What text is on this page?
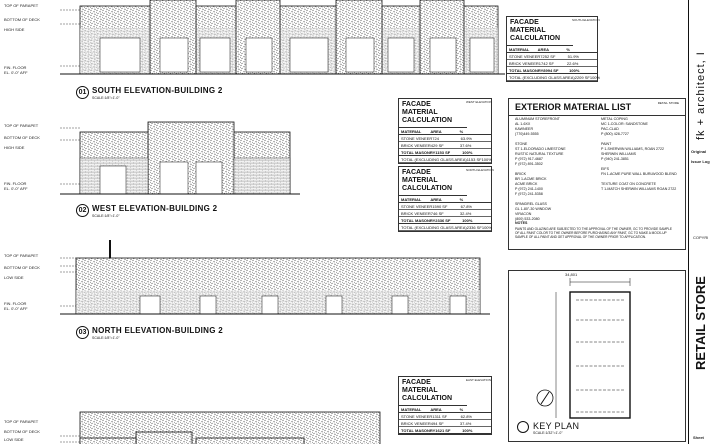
01 SOUTH ELEVATION-BUILDING 2
SCALE:1/8"=1'-0"
02 WEST ELEVATION-BUILDING 2
SCALE:1/8"=1'-0"
03 NORTH ELEVATION-BUILDING 2
SCALE:1/8"=1'-0"
TOP OF PARAPET
BOTTOM OF DECK
HIGH SIDE
FIN. FLOOR
EL. 0'-0" AFF
TOP OF PARAPET
BOTTOM OF DECK
HIGH SIDE
FIN. FLOOR
EL. 0'-0" AFF
TOP OF PARAPET
BOTTOM OF DECK
LOW SIDE
FIN. FLOOR
EL. 0'-0" AFF
TOP OF PARAPET
BOTTOM OF DECK
LOW SIDE
FACADE MATERIAL CALCULATION
MATERIAL	AREA	%
STONE VENEER 7252 SF	51.9%
BRICK VENEER 1742 SF	22.6%
TOTAL MASONRY 8994 SF	100%
TOTAL (EXCLUDING GLASS AREA) 2209 SF 100%
SOUTH ELEVATION
FACADE MATERIAL CALCULATION
MATERIAL	AREA	%
STONE VENEER 724	63.9%
BRICK VENEER 429 SF	37.6%
TOTAL MASONRY 1153 SF	100%
TOTAL (EXCLUDING GLASS AREA) 1153 SF 100%
WEST ELEVATION
FACADE MATERIAL CALCULATION
MATERIAL	AREA	%
STONE VENEER 1590 SF	67.8%
BRICK VENEER 746 SF	32.4%
TOTAL MASONRY 2336 SF	100%
TOTAL (EXCLUDING GLASS AREA) 2336 SF 100%
NORTH ELEVATION
FACADE MATERIAL CALCULATION
MATERIAL	AREA	%
STONE VENEER 1311 SF	62.8%
BRICK VENEER 494 SF	37.4%
TOTAL MASONRY 1621 SF	100%
EAST ELEVATION
EXTERIOR MATERIAL LIST	RETAIL STORE
ALUMINUM STOREFRONT
AL 1-6XX
KAWNEER
(770)449-5555

STONE
ST 1-ELDORADO LIMESTONE
RUSTIC NATURAL TEXTURE
P (972) 917-4687
F (972) 891-3502

BRICK
BR 1-ACME BRICK
ACME BRICK
P (972) 241-1400
F (972) 241-5358

SPANDREL GLASS
GL 1-80"-30 WINDOW
VIRACON
(800) 533-2080
METAL COPING
MC 1-COLOR: SANDSTONE
PAC-CLAD
P (800) 428-7727

PAINT
P 1-SHERWIN WILLIAMS, ROAN 2722
SHERWIN WILLIAMS
P (940) 241-3851

EIFS
FN 1-ACME PURE WALL BURLWOOD BLEND

TEXTURE COAT ON CONCRETE
T 1-MATCH SHERWIN WILLIAMS ROAN 2722
NOTES
PAINTS AND GLAZING ARE SUBJECTED TO THE APPROVAL OF THE OWNER, GC TO PROVIDE SAMPLE
OF ALL PAINT COLOR TO THE OWNER BEFORE PURCHASING ANY PAINT, GC TO MAKE A MOCK-UP
SAMPLE OF ALL PAINT AND GET APPROVAL OF THE OWNER PRIOR TO APPLICATION.
34,801
KEY PLAN
SCALE:1/32"=1'-0"
fk + architect, I
Original
Issue Log
COPYRI
RETAIL STORE
Sheet
